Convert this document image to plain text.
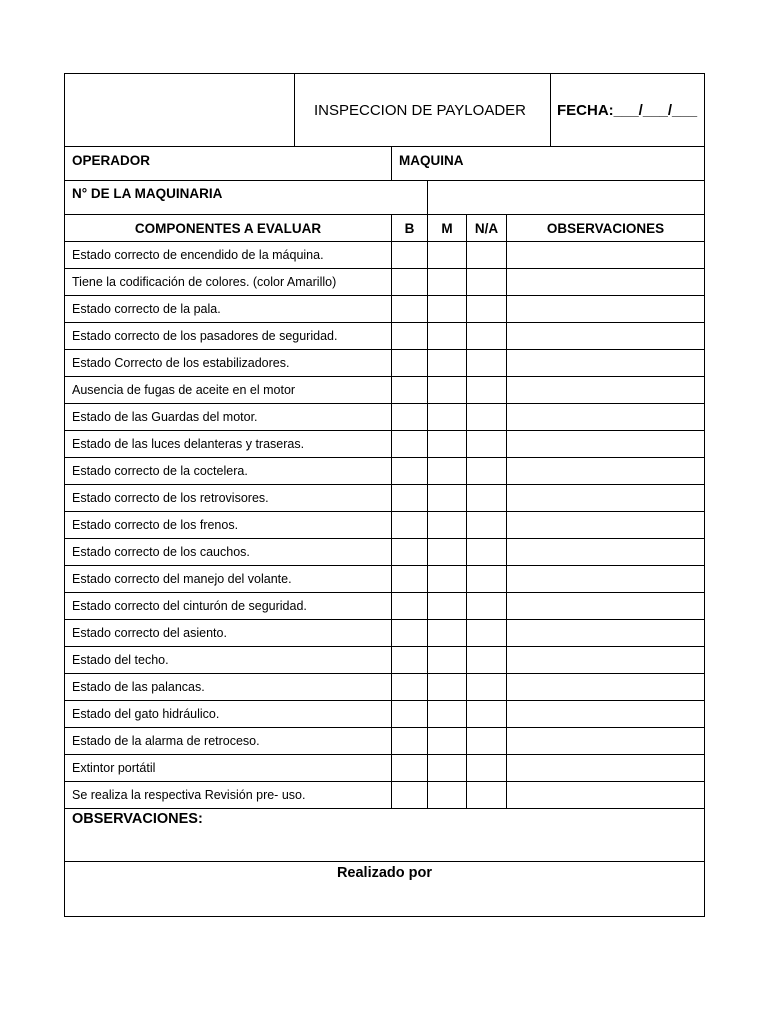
INSPECCION DE PAYLOADER	FECHA:___/___/___
OPERADOR	MAQUINA
N° DE LA MAQUINARIA
COMPONENTES A EVALUAR	B	M	N/A	OBSERVACIONES
Estado correcto de encendido de la máquina.
Tiene la codificación de colores. (color Amarillo)
Estado correcto de la pala.
Estado correcto de los pasadores de seguridad.
Estado Correcto de los estabilizadores.
Ausencia de fugas de aceite en el motor
Estado de las Guardas del motor.
Estado de las luces delanteras y traseras.
Estado correcto de la coctelera.
Estado correcto de los retrovisores.
Estado correcto de los frenos.
Estado correcto de los cauchos.
Estado correcto del manejo del volante.
Estado correcto del cinturón de seguridad.
Estado correcto del asiento.
Estado del techo.
Estado de las palancas.
Estado del gato hidráulico.
Estado de la alarma de retroceso.
Extintor portátil
Se realiza la respectiva Revisión pre- uso.
OBSERVACIONES:
Realizado por
